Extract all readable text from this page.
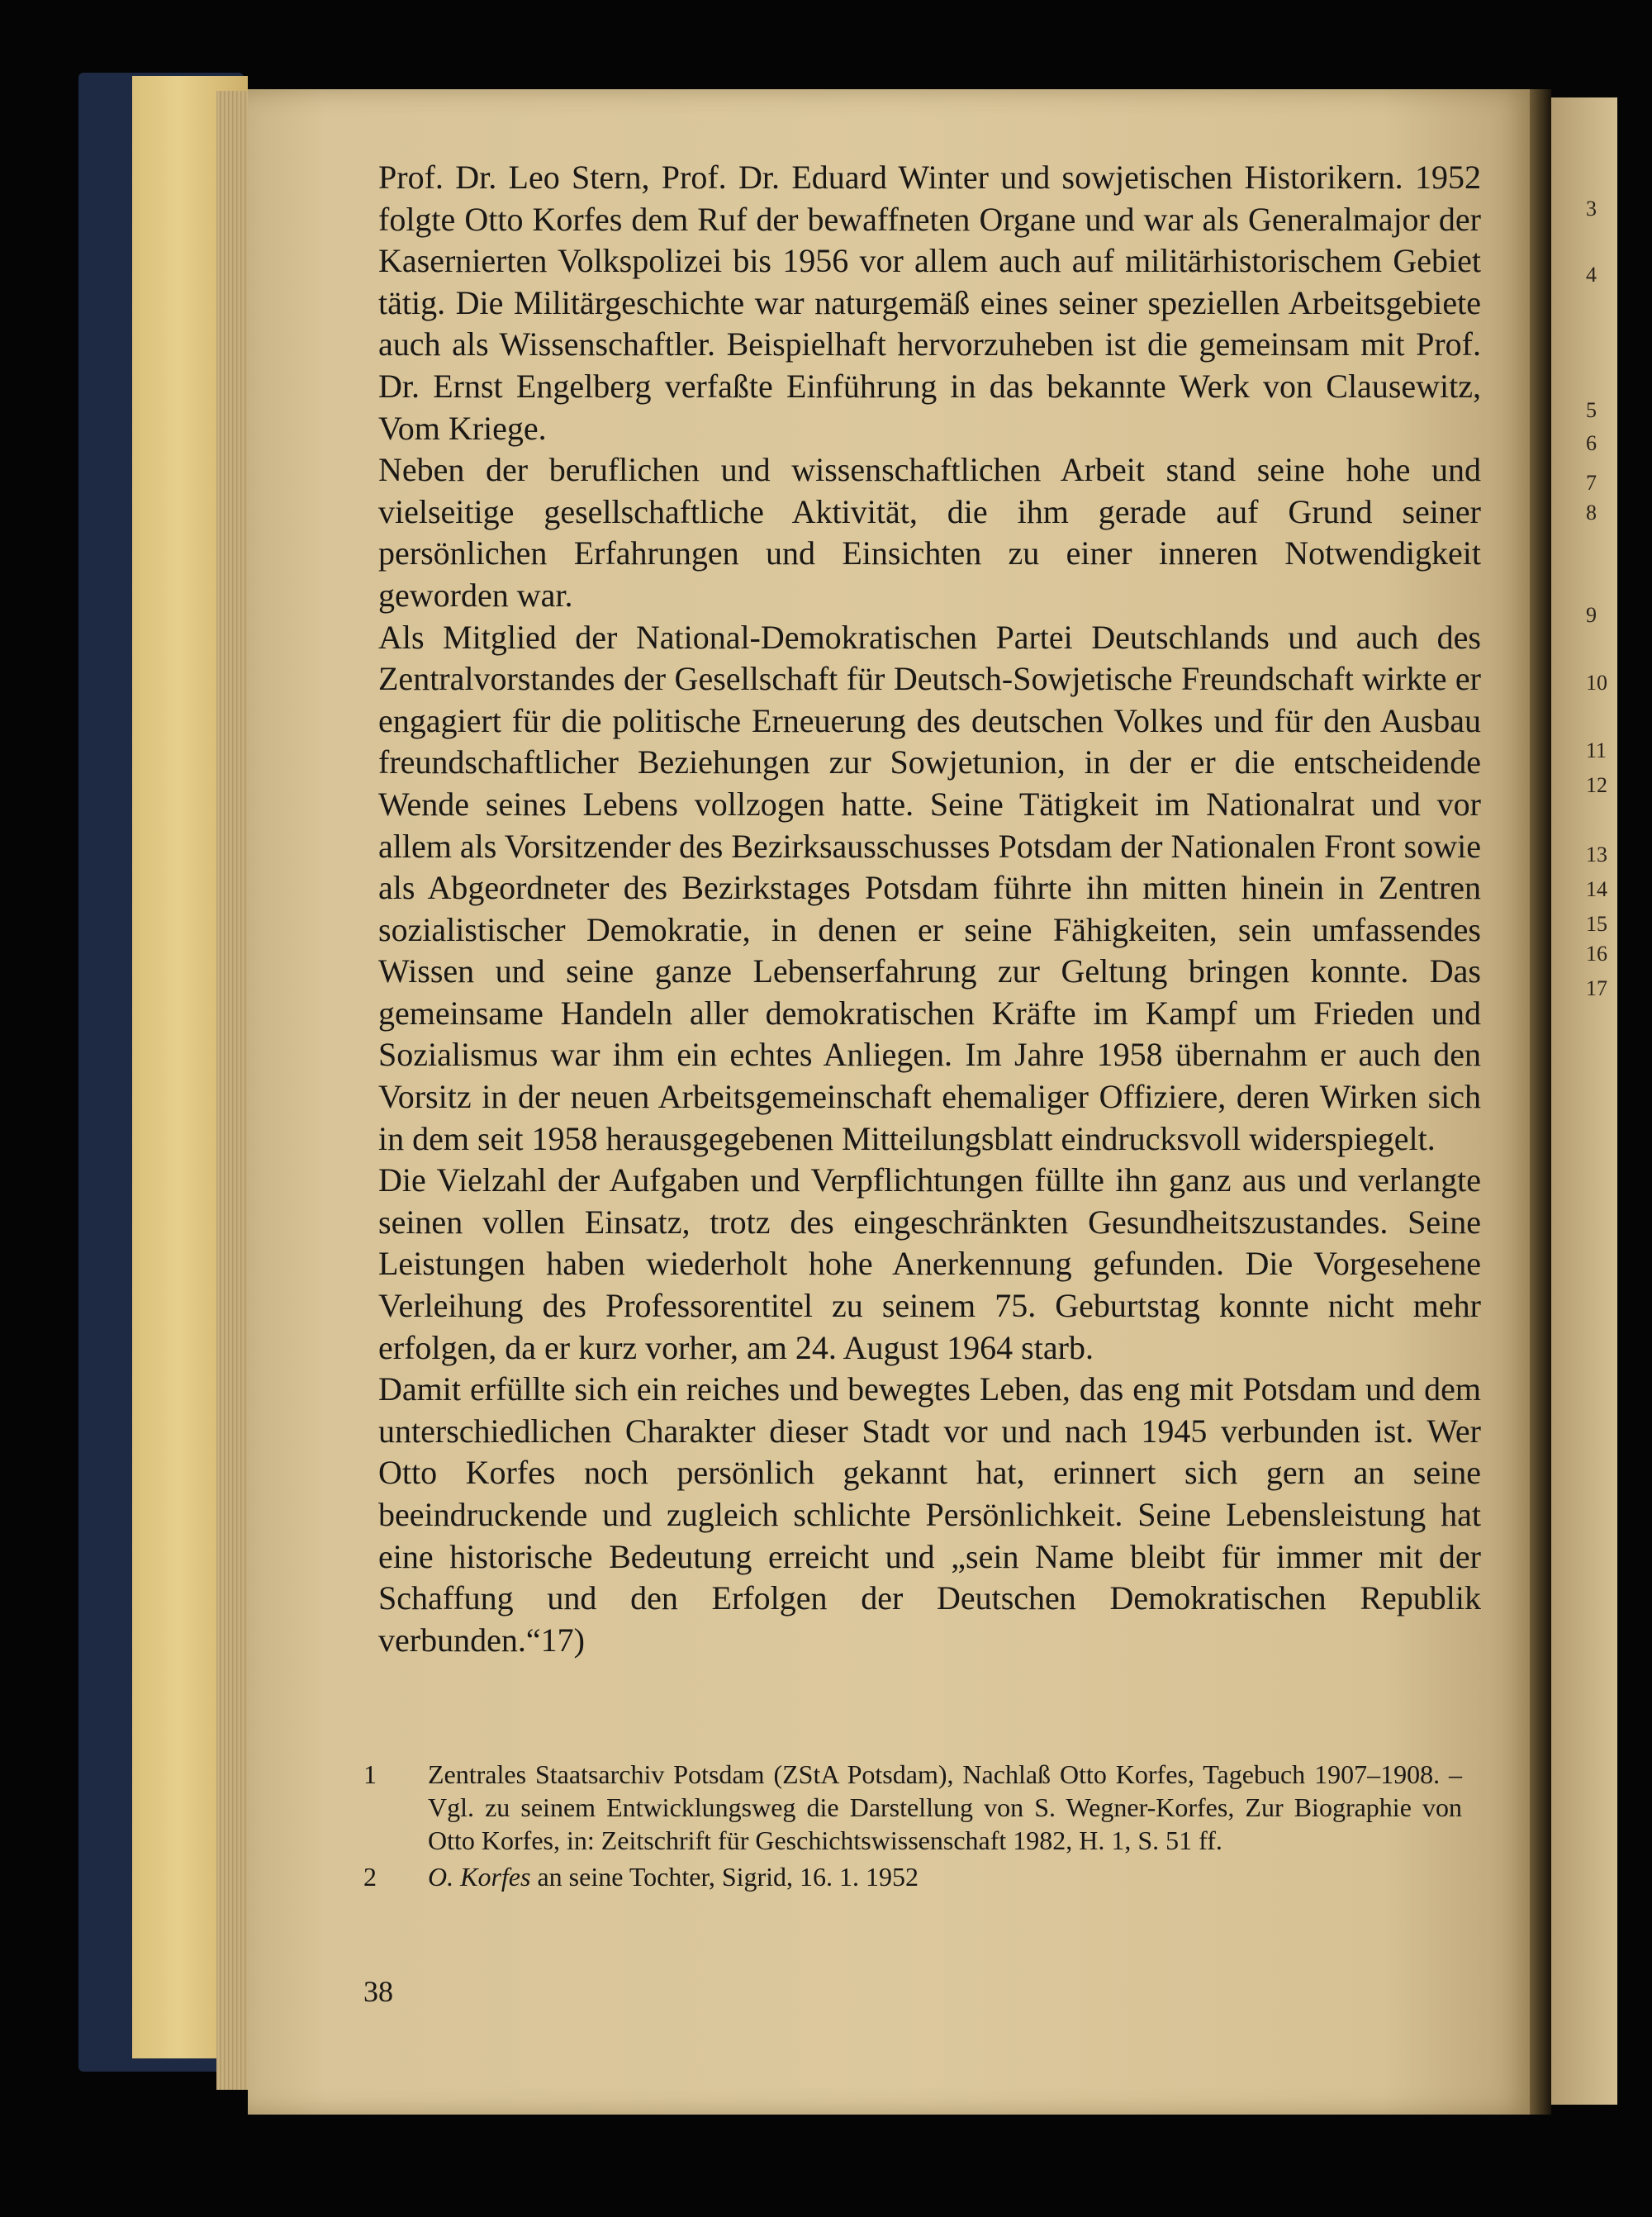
Prof. Dr. Leo Stern, Prof. Dr. Eduard Winter und sowjetischen Historikern. 1952 folgte Otto Korfes dem Ruf der bewaffneten Organe und war als Generalmajor der Kasernierten Volkspolizei bis 1956 vor allem auch auf militärhistorischem Gebiet tätig. Die Militärgeschichte war naturgemäß eines seiner speziellen Arbeitsgebiete auch als Wissenschaftler. Beispielhaft hervorzuheben ist die gemeinsam mit Prof. Dr. Ernst Engelberg verfaßte Einführung in das bekannte Werk von Clausewitz, Vom Kriege.

Neben der beruflichen und wissenschaftlichen Arbeit stand seine hohe und vielseitige gesellschaftliche Aktivität, die ihm gerade auf Grund seiner persönlichen Erfahrungen und Einsichten zu einer inneren Notwendigkeit geworden war.

Als Mitglied der National-Demokratischen Partei Deutschlands und auch des Zentralvorstandes der Gesellschaft für Deutsch-Sowjetische Freundschaft wirkte er engagiert für die politische Erneuerung des deutschen Volkes und für den Ausbau freundschaftlicher Beziehungen zur Sowjetunion, in der er die entscheidende Wende seines Lebens vollzogen hatte. Seine Tätigkeit im Nationalrat und vor allem als Vorsitzender des Bezirksausschusses Potsdam der Nationalen Front sowie als Abgeordneter des Bezirkstages Potsdam führte ihn mitten hinein in Zentren sozialistischer Demokratie, in denen er seine Fähigkeiten, sein umfassendes Wissen und seine ganze Lebenserfahrung zur Geltung bringen konnte. Das gemeinsame Handeln aller demokratischen Kräfte im Kampf um Frieden und Sozialismus war ihm ein echtes Anliegen. Im Jahre 1958 übernahm er auch den Vorsitz in der neuen Arbeitsgemeinschaft ehemaliger Offiziere, deren Wirken sich in dem seit 1958 herausgegebenen Mitteilungsblatt eindrucksvoll widerspiegelt.

Die Vielzahl der Aufgaben und Verpflichtungen füllte ihn ganz aus und verlangte seinen vollen Einsatz, trotz des eingeschränkten Gesundheitszustandes. Seine Leistungen haben wiederholt hohe Anerkennung gefunden. Die Vorgesehene Verleihung des Professorentitel zu seinem 75. Geburtstag konnte nicht mehr erfolgen, da er kurz vorher, am 24. August 1964 starb.

Damit erfüllte sich ein reiches und bewegtes Leben, das eng mit Potsdam und dem unterschiedlichen Charakter dieser Stadt vor und nach 1945 verbunden ist. Wer Otto Korfes noch persönlich gekannt hat, erinnert sich gern an seine beeindruckende und zugleich schlichte Persönlichkeit. Seine Lebensleistung hat eine historische Bedeutung erreicht und „sein Name bleibt für immer mit der Schaffung und den Erfolgen der Deutschen Demokratischen Republik verbunden.“17)

1	Zentrales Staatsarchiv Potsdam (ZStA Potsdam), Nachlaß Otto Korfes, Tagebuch 1907–1908. – Vgl. zu seinem Entwicklungsweg die Darstellung von S. Wegner-Korfes, Zur Biographie von Otto Korfes, in: Zeitschrift für Geschichtswissenschaft 1982, H. 1, S. 51 ff.
2	O. Korfes an seine Tochter, Sigrid, 16. 1. 1952
38
3
4
5
6
7
8
9
10
11
12
13
14
15
16
17
